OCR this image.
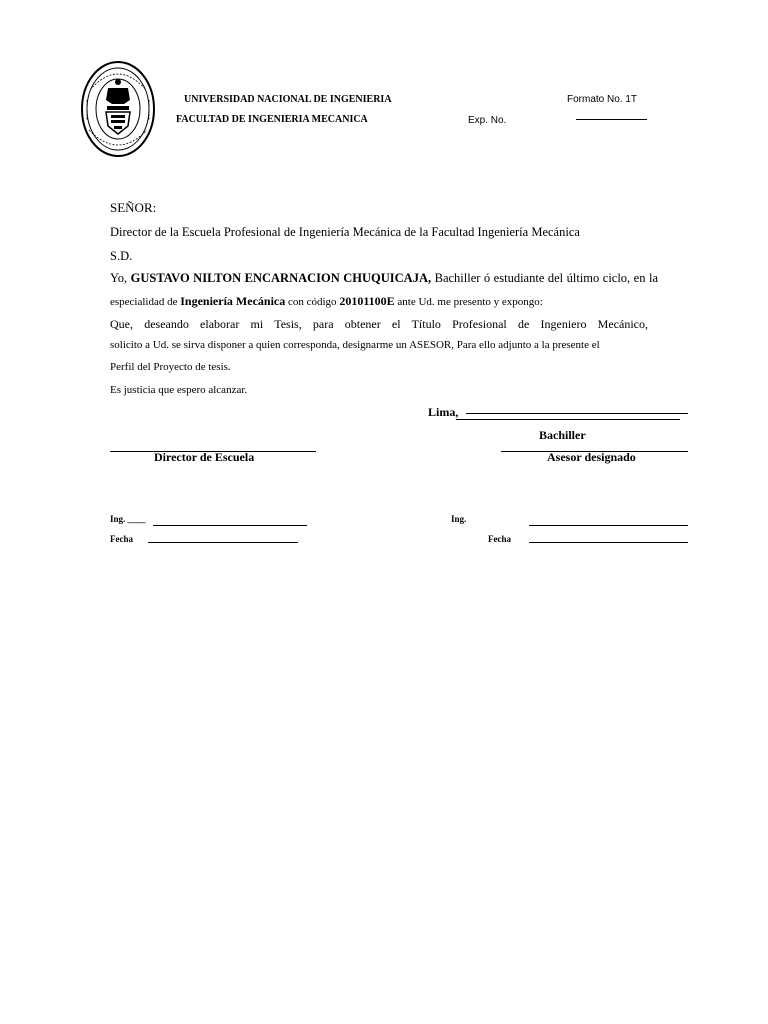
UNIVERSIDAD NACIONAL DE INGENIERIA
FACULTAD DE INGENIERIA MECANICA
Formato No. 1T
Exp. No.
SEÑOR:
Director de la Escuela Profesional de Ingeniería Mecánica de la Facultad Ingeniería Mecánica
S.D.
Yo, GUSTAVO NILTON ENCARNACION CHUQUICAJA, Bachiller ó estudiante del último ciclo, en la
especialidad de Ingeniería Mecánica con código 20101100E ante Ud. me presento y expongo:
Que, deseando elaborar mi Tesis, para obtener el Título Profesional de Ingeniero Mecánico,
solicito a Ud. se sirva disponer a quien corresponda, designarme un ASESOR, Para ello adjunto a la presente el
Perfil del Proyecto de tesis.
Es justicia que espero alcanzar.
Lima,
Bachiller
Director de Escuela	Asesor designado
Ing. ____
Fecha
Ing.
Fecha
